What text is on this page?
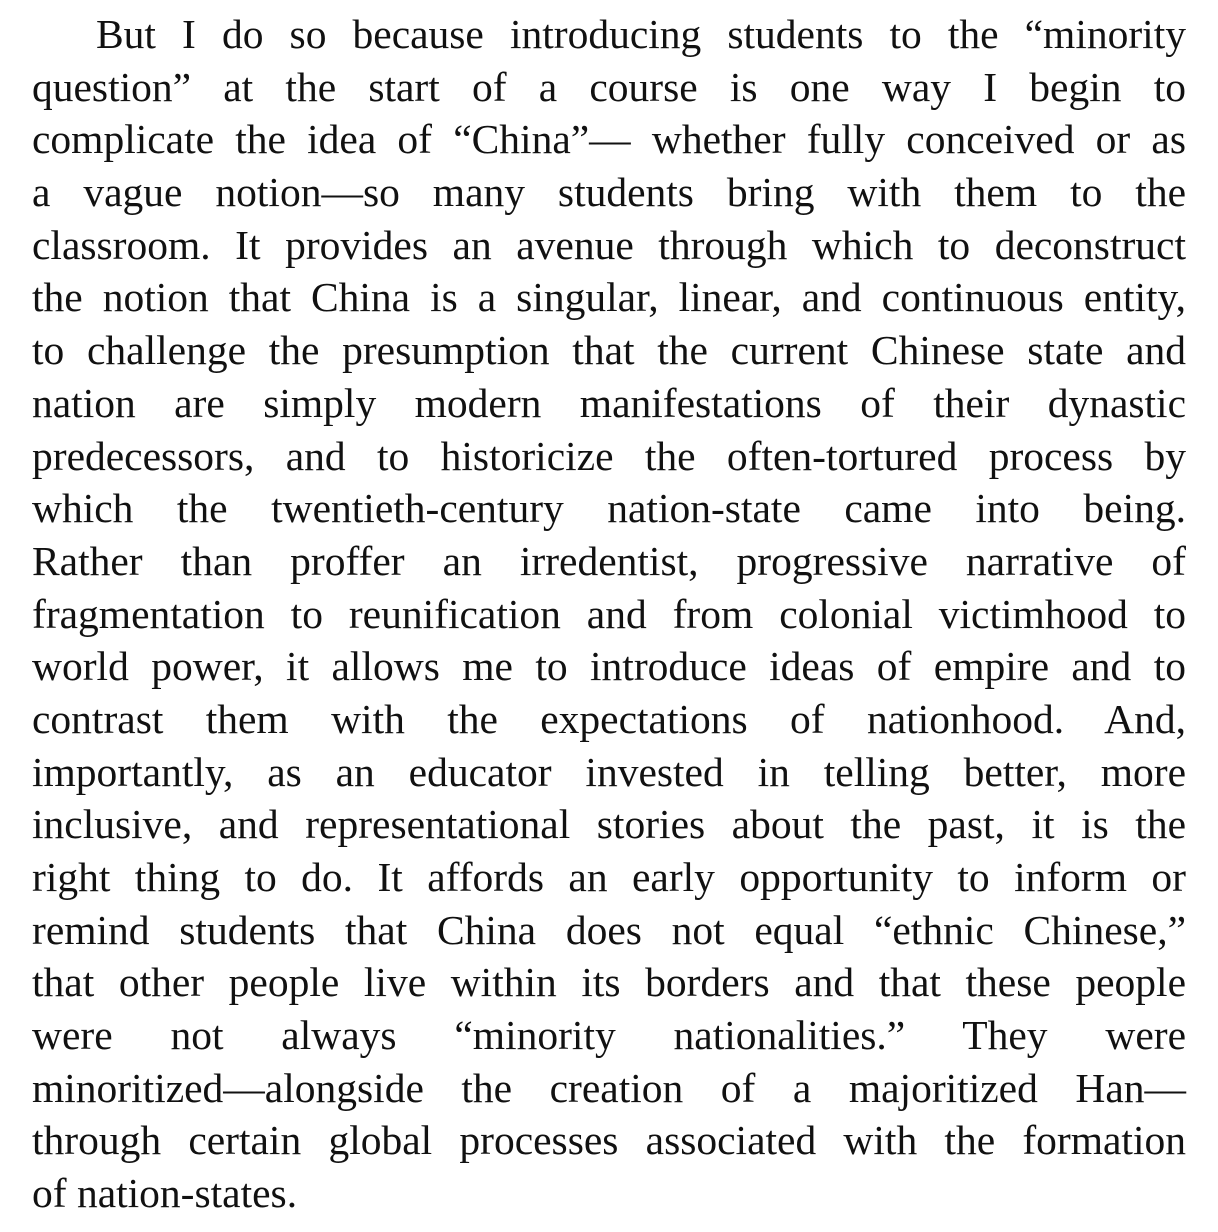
But I do so because introducing students to the “minority
question” at the start of a course is one way I begin to
complicate the idea of “China”— whether fully conceived or as
a vague notion—so many students bring with them to the
classroom. It provides an avenue through which to deconstruct
the notion that China is a singular, linear, and continuous entity,
to challenge the presumption that the current Chinese state and
nation are simply modern manifestations of their dynastic
predecessors, and to historicize the often-tortured process by
which the twentieth-century nation-state came into being.
Rather than proffer an irredentist, progressive narrative of
fragmentation to reunification and from colonial victimhood to
world power, it allows me to introduce ideas of empire and to
contrast them with the expectations of nationhood. And,
importantly, as an educator invested in telling better, more
inclusive, and representational stories about the past, it is the
right thing to do. It affords an early opportunity to inform or
remind students that China does not equal “ethnic Chinese,”
that other people live within its borders and that these people
were not always “minority nationalities.” They were
minoritized—alongside the creation of a majoritized Han—
through certain global processes associated with the formation
of nation-states.
